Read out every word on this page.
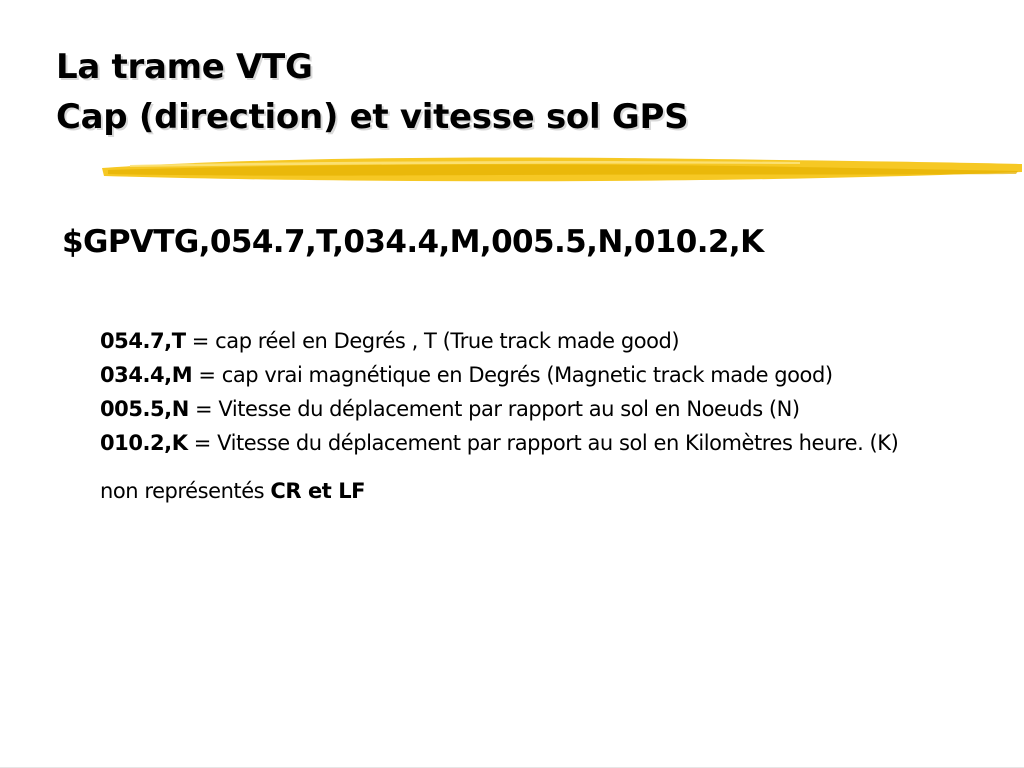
La trame VTG
Cap (direction) et vitesse sol GPS
$GPVTG,054.7,T,034.4,M,005.5,N,010.2,K
054.7,T = cap réel en Degrés , T (True track made good)
034.4,M = cap vrai magnétique en Degrés (Magnetic track made good)
005.5,N = Vitesse du déplacement par rapport au sol en Noeuds (N)
010.2,K = Vitesse du déplacement par rapport au sol en Kilomètres heure. (K)
non représentés CR et LF
